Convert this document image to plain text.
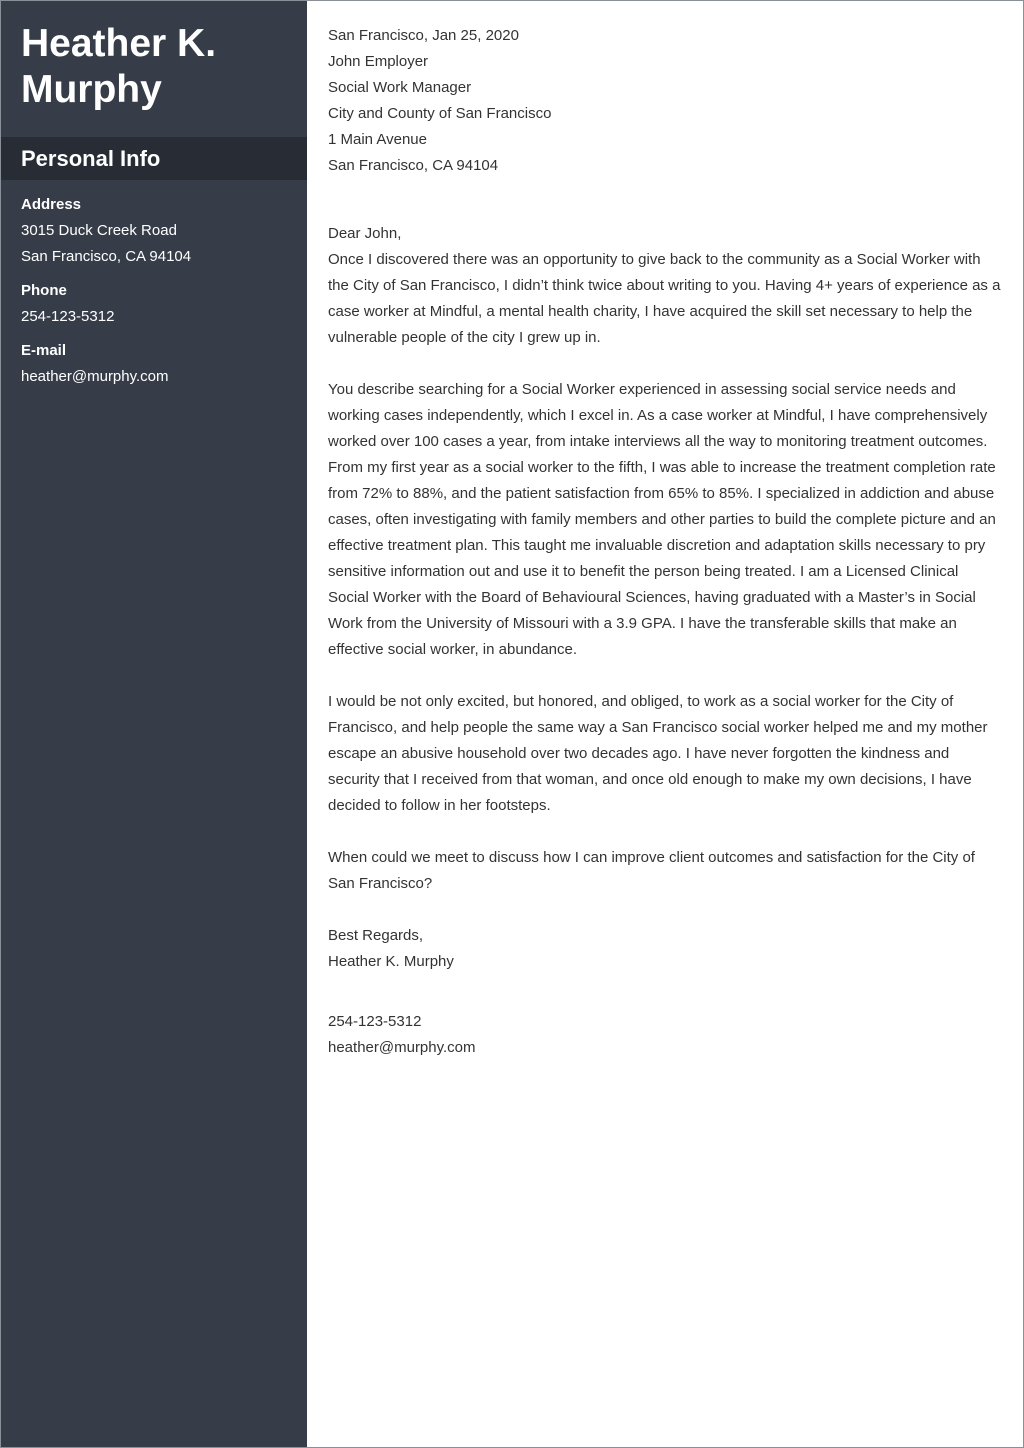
Heather K.
Murphy
Personal Info
Address
3015 Duck Creek Road
San Francisco, CA 94104
Phone
254-123-5312
E-mail
heather@murphy.com

San Francisco, Jan 25, 2020

John Employer

Social Work Manager

City and County of San Francisco

1 Main Avenue

San Francisco, CA 94104

Dear John,

Once I discovered there was an opportunity to give back to the community as a Social Worker with the City of San Francisco, I didn’t think twice about writing to you. Having 4+ years of experience as a case worker at Mindful, a mental health charity, I have acquired the skill set necessary to help the vulnerable people of the city I grew up in.

You describe searching for a Social Worker experienced in assessing social service needs and working cases independently, which I excel in. As a case worker at Mindful, I have comprehensively worked over 100 cases a year, from intake interviews all the way to monitoring treatment outcomes. From my first year as a social worker to the fifth, I was able to increase the treatment completion rate from 72% to 88%, and the patient satisfaction from 65% to 85%. I specialized in addiction and abuse cases, often investigating with family members and other parties to build the complete picture and an effective treatment plan. This taught me invaluable discretion and adaptation skills necessary to pry sensitive information out and use it to benefit the person being treated. I am a Licensed Clinical Social Worker with the Board of Behavioural Sciences, having graduated with a Master’s in Social Work from the University of Missouri with a 3.9 GPA. I have the transferable skills that make an effective social worker, in abundance.

I would be not only excited, but honored, and obliged, to work as a social worker for the City of Francisco, and help people the same way a San Francisco social worker helped me and my mother escape an abusive household over two decades ago. I have never forgotten the kindness and security that I received from that woman, and once old enough to make my own decisions, I have decided to follow in her footsteps.

When could we meet to discuss how I can improve client outcomes and satisfaction for the City of San Francisco?

Best Regards,

Heather K. Murphy

254-123-5312

heather@murphy.com
